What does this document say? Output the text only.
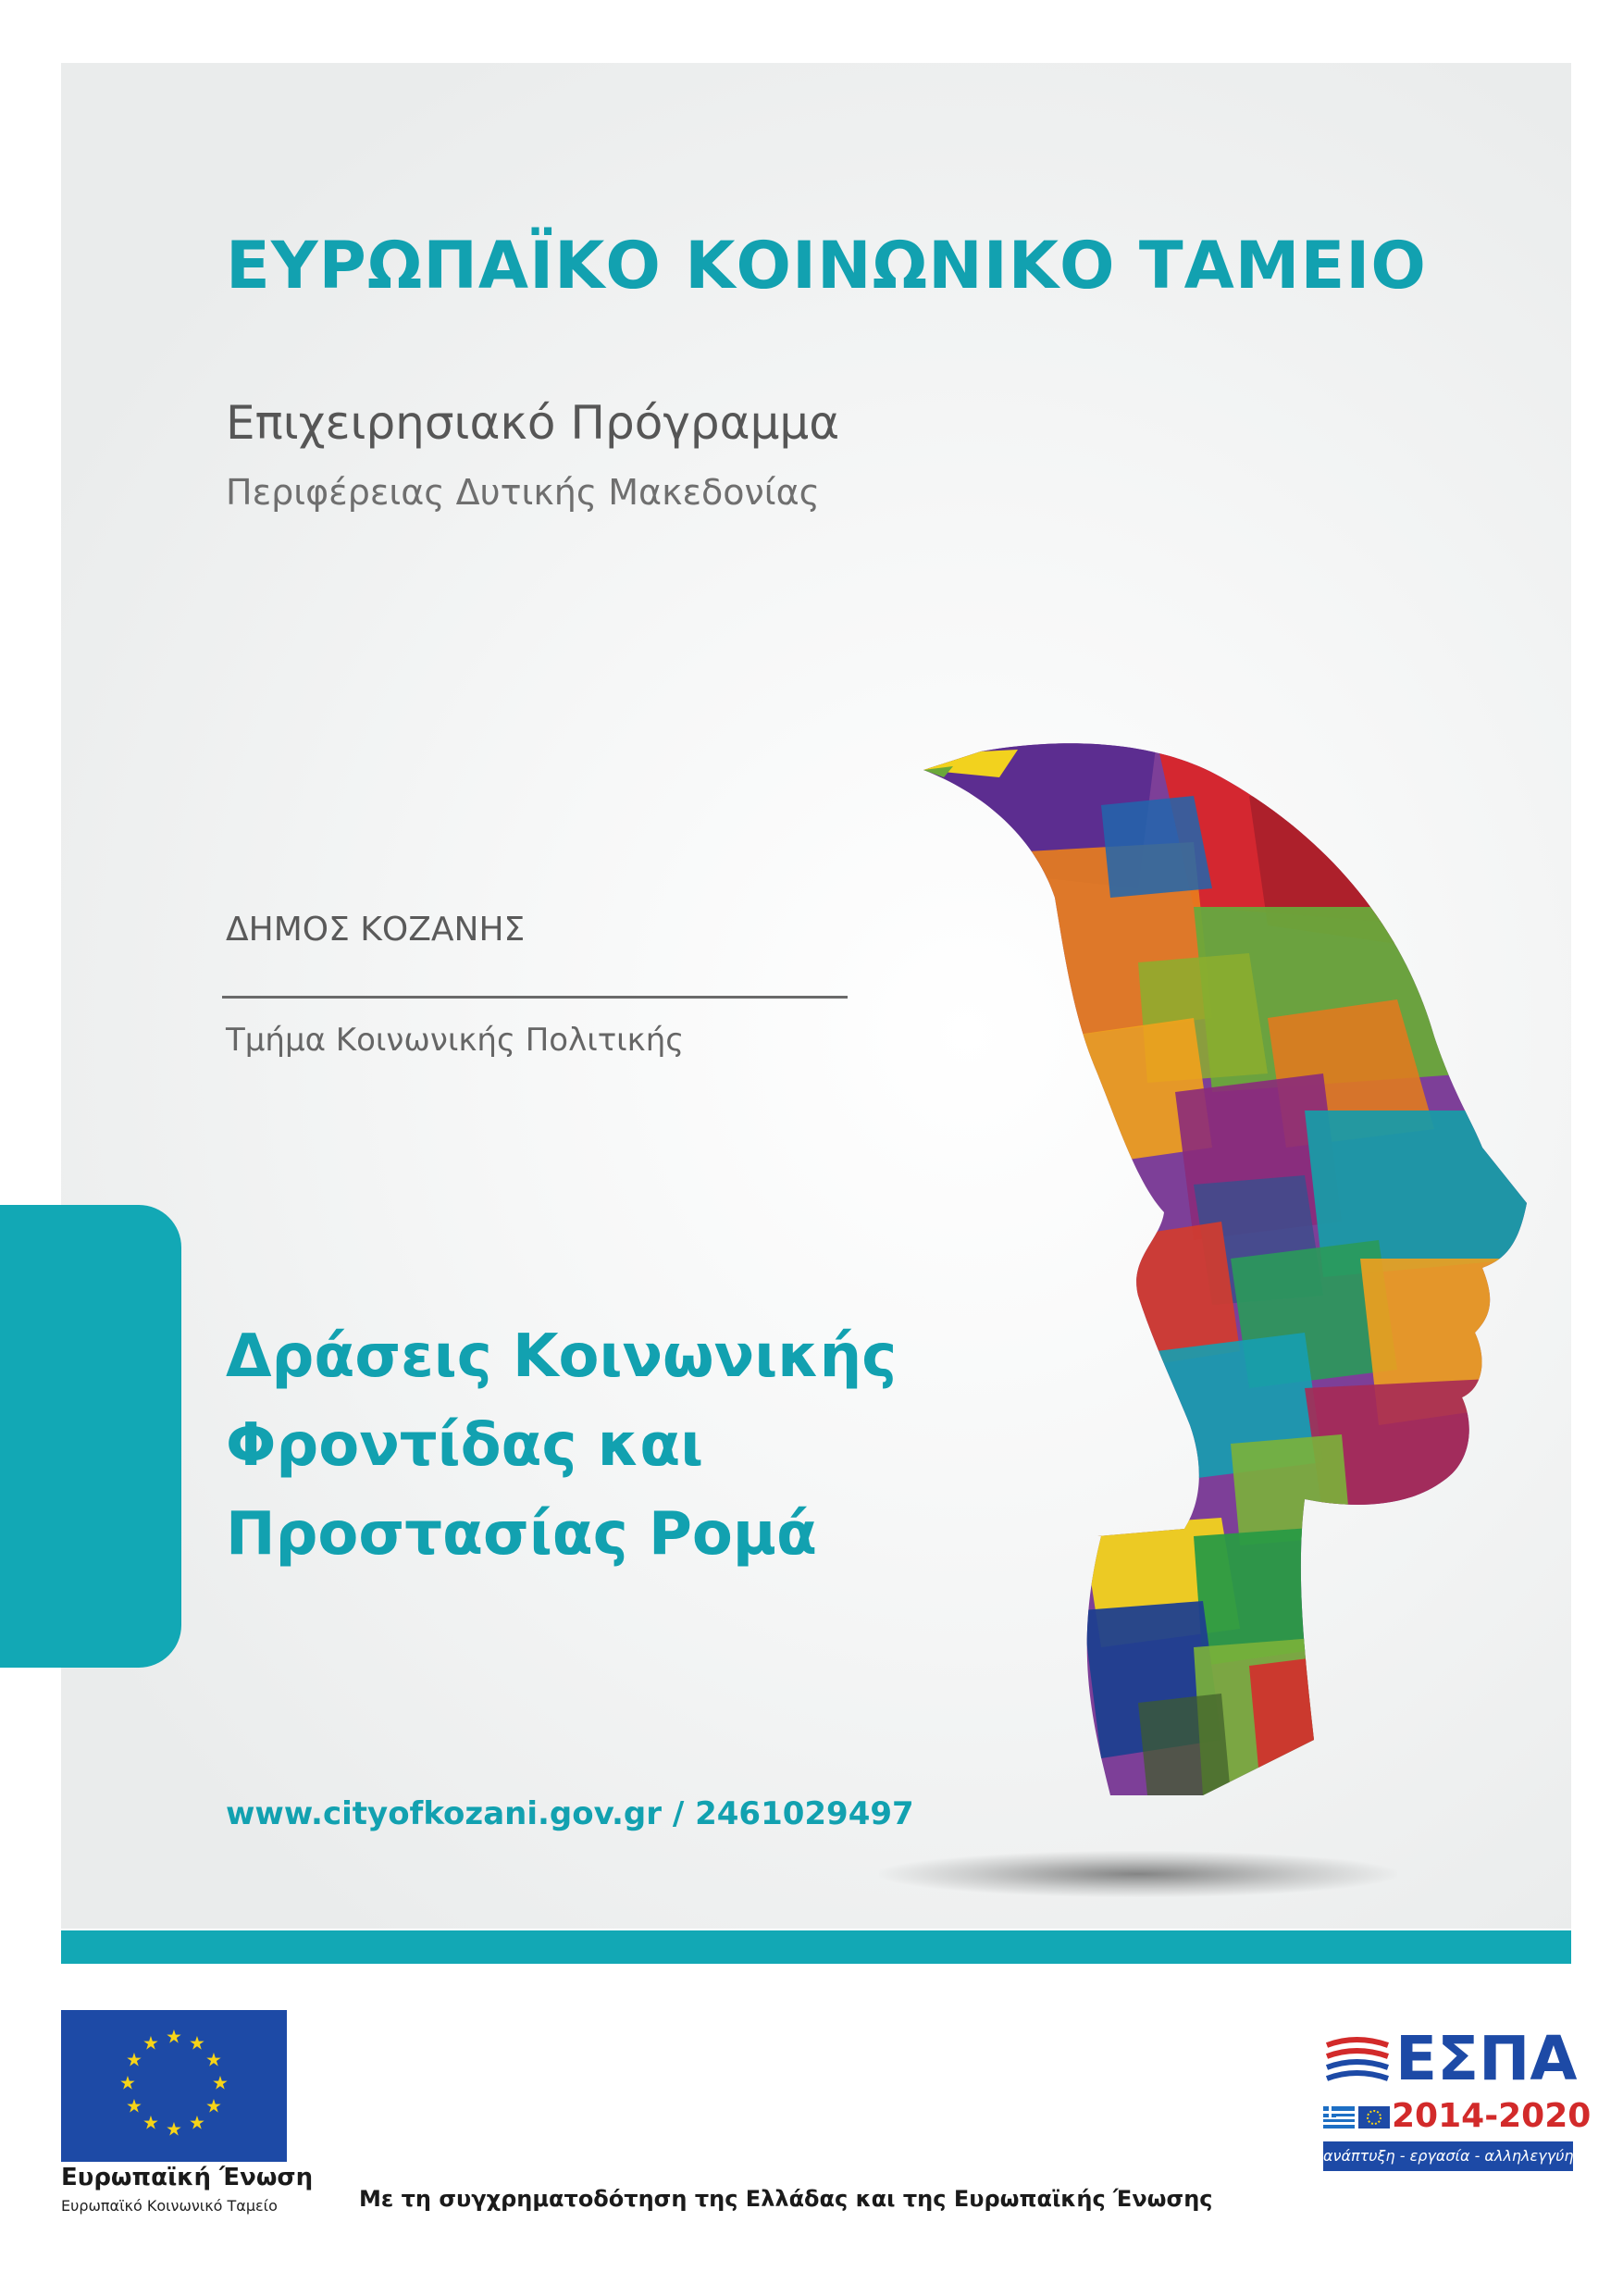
ΕΥΡΩΠΑΪΚΟ ΚΟΙΝΩΝΙΚΟ ΤΑΜΕΙΟ

Επιχειρησιακό Πρόγραμμα

Περιφέρειας Δυτικής Μακεδονίας

ΔΗΜΟΣ ΚΟΖΑΝΗΣ

Τμήμα Κοινωνικής Πολιτικής

Δράσεις Κοινωνικής
Φροντίδας και
Προστασίας Ρομά

www.cityofkozani.gov.gr / 2461029497

★ ★
★
★
★
★
★
★
★
★
★
★

Ευρωπαϊκή Ένωση

Ευρωπαϊκό Κοινωνικό Ταμείο	Με τη συγχρηματοδότηση της Ελλάδας και της Ευρωπαϊκής Ένωσης

ΕΣΠΑ

2014-2020

ανάπτυξη - εργασία - αλληλεγγύη
